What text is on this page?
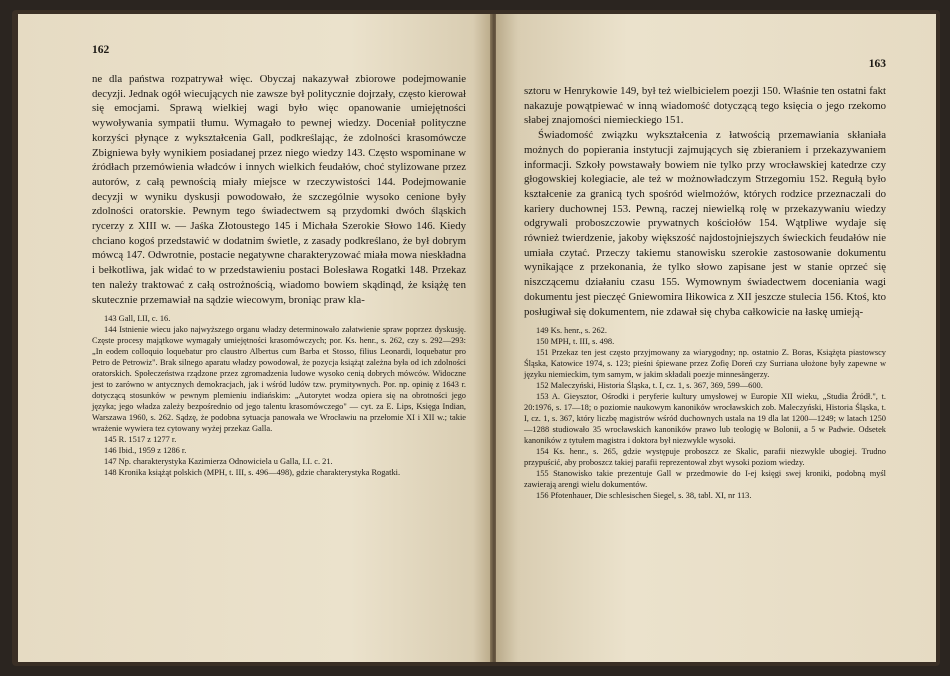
162

ne dla państwa rozpatrywał więc. Obyczaj nakazywał zbiorowe podejmowanie decyzji. Jednak ogół wiecujących nie zawsze był politycznie dojrzały, często kierował się emocjami. Sprawą wielkiej wagi było więc opanowanie umiejętności wywoływania sympatii tłumu. Wymagało to pewnej wiedzy. Doceniał polityczne korzyści płynące z wykształcenia Gall, podkreślając, że zdolności krasomówcze Zbigniewa były wynikiem posiadanej przez niego wiedzy 143. Często wspominane w źródłach przemówienia władców i innych wielkich feudałów, choć stylizowane przez autorów, z całą pewnością miały miejsce w rzeczywistości 144. Podejmowanie decyzji w wyniku dyskusji powodowało, że szczególnie wysoko cenione były zdolności oratorskie. Pewnym tego świadectwem są przydomki dwóch śląskich rycerzy z XIII w. — Jaśka Złotoustego 145 i Michała Szerokie Słowo 146. Kiedy chciano kogoś przedstawić w dodatnim świetle, z zasady podkreślano, że był dobrym mówcą 147. Odwrotnie, postacie negatywne charakteryzować miała mowa nieskładna i bełkotliwa, jak widać to w przedstawieniu postaci Bolesława Rogatki 148. Przekaz ten należy traktować z całą ostrożnością, wiadomo bowiem skądinąd, że książę ten skutecznie przemawiał na sądzie wiecowym, broniąc praw kla-

143 Gall, I.II, c. 16.

144 Istnienie wiecu jako najwyższego organu władzy determinowało załatwienie spraw poprzez dyskusję. Częste procesy majątkowe wymagały umiejętności krasomówczych; por. Ks. henr., s. 262, czy s. 292—293: „In eodem colloquio loquebatur pro claustro Albertus cum Barba et Stosso, filius Leonardi, loquebatur pro Petro de Petrowiz". Brak silnego aparatu władzy powodował, że pozycja książąt zależna była od ich zdolności oratorskich. Społeczeństwa rządzone przez zgromadzenia ludowe wysoko cenią dobrych mówców. Widoczne jest to zarówno w antycznych demokracjach, jak i wśród ludów tzw. prymitywnych. Por. np. opinię z 1643 r. dotyczącą stosunków w pewnym plemieniu indiańskim: „Autorytet wodza opiera się na obrotności jego języka; jego władza zależy bezpośrednio od jego talentu krasomówczego" — cyt. za E. Lips, Księga Indian, Warszawa 1960, s. 262. Sądzę, że podobna sytuacja panowała we Wrocławiu na przełomie XI i XII w.; takie wrażenie wywiera tez cytowany wyżej przekaz Galla.

145 R. 1517 z 1277 r.

146 Ibid., 1959 z 1286 r.

147 Np. charakterystyka Kazimierza Odnowiciela u Galla, I.I. c. 21.

148 Kronika książąt polskich (MPH, t. III, s. 496—498), gdzie charakterystyka Rogatki.

163

sztoru w Henrykowie 149, był też wielbicielem poezji 150. Właśnie ten ostatni fakt nakazuje powątpiewać w inną wiadomość dotyczącą tego księcia o jego rzekomo słabej znajomości niemieckiego 151.

Świadomość związku wykształcenia z łatwością przemawiania skłaniała możnych do popierania instytucji zajmujących się zbieraniem i przekazywaniem informacji. Szkoły powstawały bowiem nie tylko przy wrocławskiej katedrze czy głogowskiej kolegiacie, ale też w możnowładczym Strzegomiu 152. Regułą było kształcenie za granicą tych spośród wielmożów, których rodzice przeznaczali do kariery duchownej 153. Pewną, raczej niewielką rolę w przekazywaniu wiedzy odgrywali proboszczowie prywatnych kościołów 154. Wątpliwe wydaje się również twierdzenie, jakoby większość najdostojniejszych świeckich feudałów nie umiała czytać. Przeczy takiemu stanowisku szerokie zastosowanie dokumentu wynikające z przekonania, że tylko słowo zapisane jest w stanie oprzeć się niszczącemu działaniu czasu 155. Wymownym świadectwem doceniania wagi dokumentu jest pieczęć Gniewomira Iłikowica z XII jeszcze stulecia 156. Ktoś, kto posługiwał się dokumentem, nie zdawał się chyba całkowicie na łaskę umieją-

149 Ks. henr., s. 262.

150 MPH, t. III, s. 498.

151 Przekaz ten jest często przyjmowany za wiarygodny; np. ostatnio Z. Boras, Książęta piastowscy Śląska, Katowice 1974, s. 123; pieśni śpiewane przez Zofię Doreń czy Surriana ułożone były zapewne w języku niemieckim, tym samym, w jakim składali poezje minnesängerzy.

152 Maleczyński, Historia Śląska, t. I, cz. 1, s. 367, 369, 599—600.

153 A. Gieysztor, Ośrodki i peryferie kultury umysłowej w Europie XII wieku, „Studia Źródł.", t. 20:1976, s. 17—18; o poziomie naukowym kanoników wrocławskich zob. Maleczyński, Historia Śląska, t. I, cz. 1, s. 367, który liczbę magistrów wśród duchownych ustala na 19 dla lat 1200—1249; w latach 1250—1288 studiowało 35 wrocławskich kanoników prawo lub teologię w Bolonii, a 5 w Padwie. Odsetek kanoników z tytułem magistra i doktora był niezwykle wysoki.

154 Ks. henr., s. 265, gdzie występuje proboszcz ze Skalic, parafii niezwykle ubogiej. Trudno przypuścić, aby proboszcz takiej parafii reprezentował zbyt wysoki poziom wiedzy.

155 Stanowisko takie prezentuje Gall w przedmowie do I-ej księgi swej kroniki, podobną myśl zawierają arengi wielu dokumentów.

156 Pfotenhauer, Die schlesischen Siegel, s. 38, tabl. XI, nr 113.
